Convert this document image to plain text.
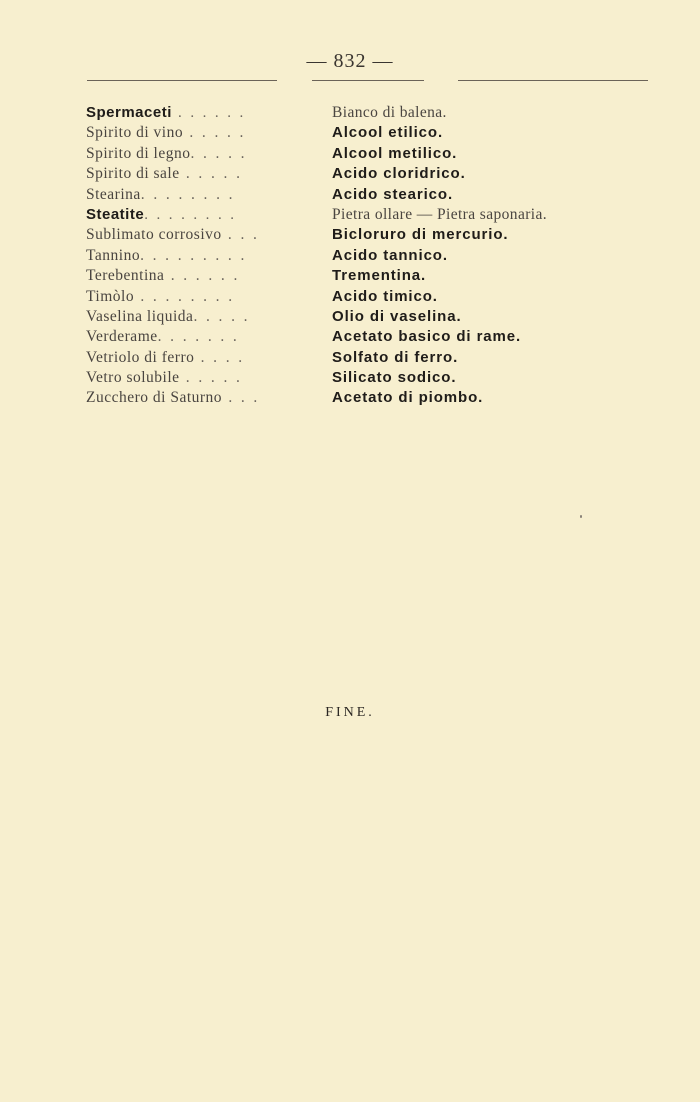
— 832 —
Spermaceti . . . . . .	Bianco di balena.
Spirito di vino . . . . .	Alcool etilico.
Spirito di legno. . . . .	Alcool metilico.
Spirito di sale . . . . .	Acido cloridrico.
Stearina. . . . . . . .	Acido stearico.
Steatite. . . . . . . .	Pietra ollare — Pietra saponaria.
Sublimato corrosivo . . .	Bicloruro di mercurio.
Tannino. . . . . . . . .	Acido tannico.
Terebentina . . . . . .	Trementina.
Timòlo . . . . . . . .	Acido timico.
Vaselina liquida. . . . .	Olio di vaselina.
Verderame. . . . . . .	Acetato basico di rame.
Vetriolo di ferro . . . .	Solfato di ferro.
Vetro solubile . . . . .	Silicato sodico.
Zucchero di Saturno . . .	Acetato di piombo.
FINE.
